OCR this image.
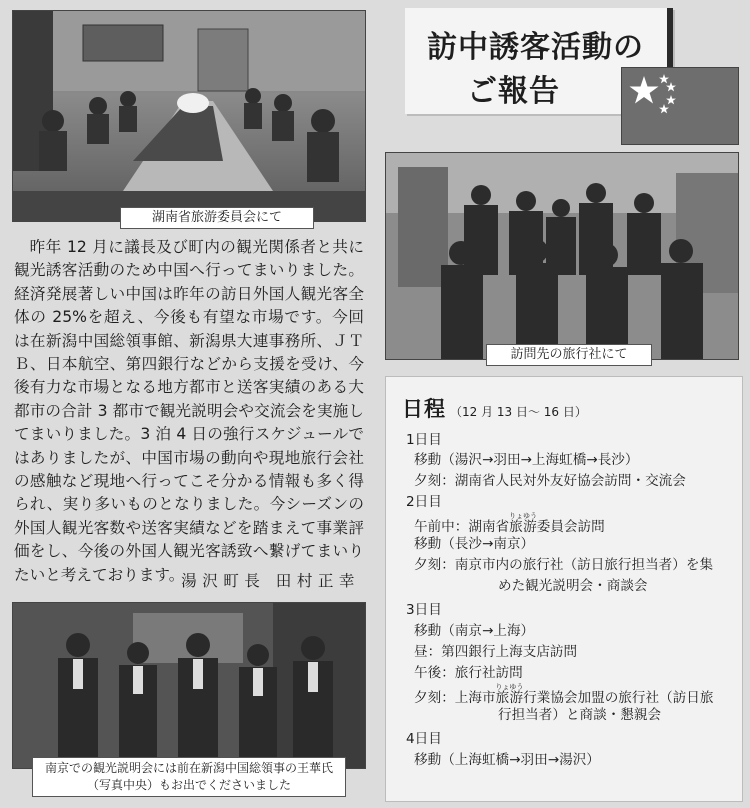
湖南省旅游委員会にて

昨年 12 月に議長及び町内の観光関係者と共に観光誘客活動のため中国へ行ってまいりました。経済発展著しい中国は昨年の訪日外国人観光客全体の 25%を超え、今後も有望な市場です。今回は在新潟中国総領事館、新潟県大連事務所、ＪＴＢ、日本航空、第四銀行などから支援を受け、今後有力な市場となる地方都市と送客実績のある大都市の合計 3 都市で観光説明会や交流会を実施してまいりました。3 泊 4 日の強行スケジュールではありましたが、中国市場の動向や現地旅行会社の感触など現地へ行ってこそ分かる情報も多く得られ、実り多いものとなりました。今シーズンの外国人観光客数や送客実績などを踏まえて事業評価をし、今後の外国人観光客誘致へ繋げてまいりたいと考えております。

湯沢町長 田村正幸
南京での観光説明会には前在新潟中国総領事の王華氏（写真中央）もお出でくださいました
訪中誘客活動の
ご報告
訪問先の旅行社にて
日程 （12 月 13 日～ 16 日）
1日目
移動（湯沢→羽田→上海虹橋→長沙）
夕刻：湖南省人民対外友好協会訪問・交流会
2日目
午前中：湖南省旅游りょゆう委員会訪問
移動（長沙→南京）
夕刻：南京市内の旅行社（訪日旅行担当者）を集
めた観光説明会・商談会
3日目
移動（南京→上海）
昼：第四銀行上海支店訪問
午後：旅行社訪問
夕刻：上海市旅游りょゆう行業協会加盟の旅行社（訪日旅
行担当者）と商談・懇親会
4日目
移動（上海虹橋→羽田→湯沢）
